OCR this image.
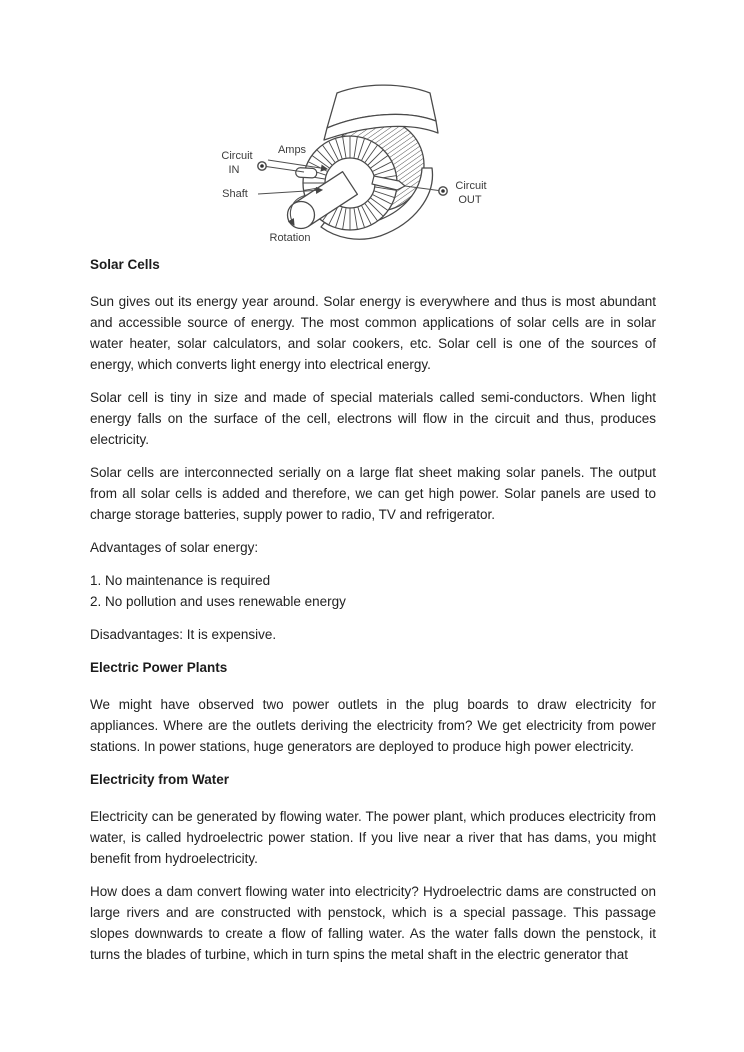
Circuit
IN
Amps
Shaft
Rotation
Circuit
OUT
Solar Cells

Sun gives out its energy year around. Solar energy is everywhere and thus is most abundant and accessible source of energy. The most common applications of solar cells are in solar water heater, solar calculators, and solar cookers, etc. Solar cell is one of the sources of energy, which converts light energy into electrical energy.

Solar cell is tiny in size and made of special materials called semi-conductors. When light energy falls on the surface of the cell, electrons will flow in the circuit and thus, produces electricity.

Solar cells are interconnected serially on a large flat sheet making solar panels. The output from all solar cells is added and therefore, we can get high power. Solar panels are used to charge storage batteries, supply power to radio, TV and refrigerator.

Advantages of solar energy:

1. No maintenance is required
2. No pollution and uses renewable energy

Disadvantages: It is expensive.

Electric Power Plants

We might have observed two power outlets in the plug boards to draw electricity for appliances. Where are the outlets deriving the electricity from? We get electricity from power stations. In power stations, huge generators are deployed to produce high power electricity.

Electricity from Water

Electricity can be generated by flowing water. The power plant, which produces electricity from water, is called hydroelectric power station. If you live near a river that has dams, you might benefit from hydroelectricity.

How does a dam convert flowing water into electricity? Hydroelectric dams are constructed on large rivers and are constructed with penstock, which is a special passage. This passage slopes downwards to create a flow of falling water. As the water falls down the penstock, it turns the blades of turbine, which in turn spins the metal shaft in the electric generator that
